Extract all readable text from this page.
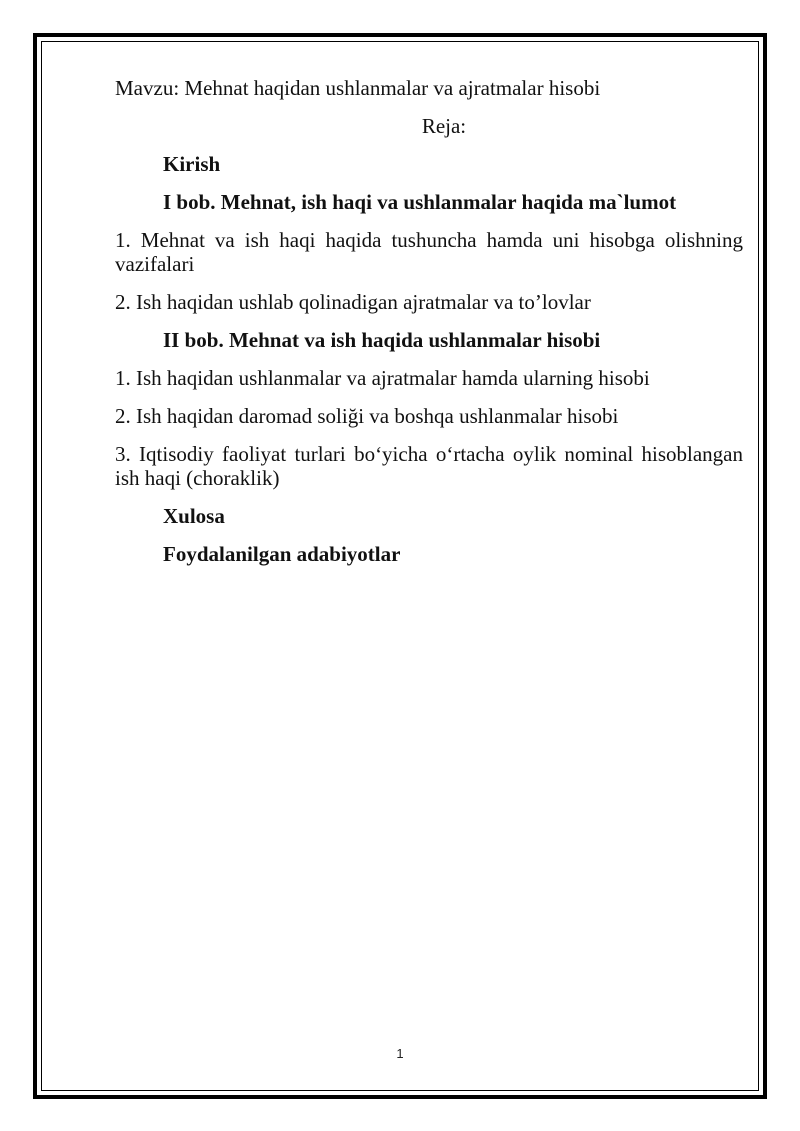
Mavzu: Mehnat haqidan ushlanmalar va ajratmalar hisobi

Reja:

Kirish

I bob. Mehnat, ish haqi va ushlanmalar haqida ma`lumot

1. Mehnat va ish haqi haqida tushuncha hamda uni hisobga olishning vazifalari

2. Ish haqidan ushlab qolinadigan ajratmalar va to’lovlar

II bob. Mehnat va ish haqida ushlanmalar hisobi

1. Ish haqidan ushlanmalar va ajratmalar hamda ularning hisobi

2. Ish haqidan daromad soliği va boshqa ushlanmalar hisobi

3. Iqtisodiy faoliyat turlari bo‘yicha o‘rtacha oylik nominal hisoblangan ish haqi (choraklik)

Xulosa

Foydalanilgan adabiyotlar

1
